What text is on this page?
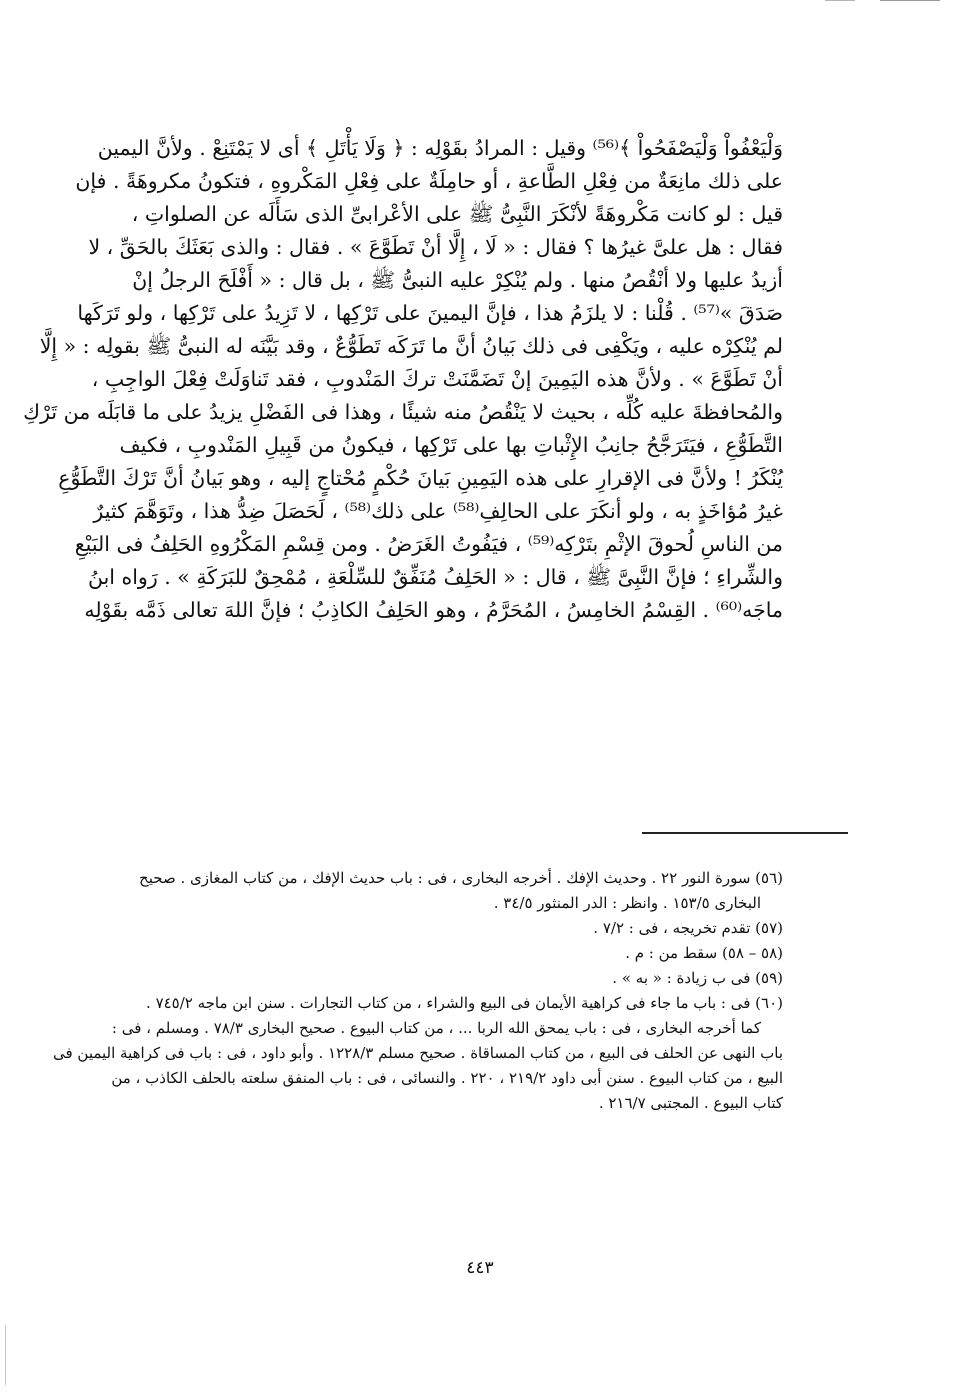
وَلْيَعْفُواْ وَلْيَصْفَحُواْ ﴾⁽⁵⁶⁾ وقيل : المرادُ بقَوْلِه : ﴿ وَلَا يَأْتَلِ ﴾ أى لا يَمْتَنِعْ . ولأنَّ اليمين
على ذلك مانِعَةٌ من فِعْلِ الطَّاعةِ ، أو حامِلَةٌ على فِعْلِ المَكْروهِ ، فتكونُ مكروهَةً . فإن
قيل : لو كانت مَكْروهَةً لأنْكَرَ النَّبِىُّ ﷺ على الأعْرابىِّ الذى سَأَلَه عن الصلواتِ ،
فقال : هل علىَّ غيرُها ؟ فقال : « لَا ، إِلَّا أنْ تَطَوَّعَ » . فقال : والذى بَعَثَكَ بالحَقِّ ، لا
أزيدُ عليها ولا أنْقُصُ منها . ولم يُنْكِرْ عليه النبىُّ ﷺ ، بل قال : « أَفْلَحَ الرجلُ إنْ
صَدَقَ »⁽⁵⁷⁾ . قُلْنا : لا يلزَمُ هذا ، فإنَّ اليمينَ على تَرْكِها ، لا تَزِيدُ على تَرْكِها ، ولو تَرَكَها
لم يُنْكِرْه عليه ، ويَكْفِى فى ذلك بَيانُ أنَّ ما تَرَكَه تَطَوُّعٌ ، وقد بَيَّنَه له النبىُّ ﷺ بقولِه : « إِلَّا
أنْ تَطَوَّعَ » . ولأنَّ هذه اليَمِينَ إنْ تَضَمَّنَتْ تركَ المَنْدوبِ ، فقد تَناوَلَتْ فِعْلَ الواجِبِ ،
والمُحافظةَ عليه كُلِّه ، بحيث لا يَنْقُصُ منه شيئًا ، وهذا فى الفَضْلِ يزيدُ على ما قابَلَه من تَرْكِ
التَّطَوُّعِ ، فيَتَرَجَّحُ جانِبُ الإِثْباتِ بها على تَرْكِها ، فيكونُ من قَبِيلِ المَنْدوبِ ، فكيف
يُنْكَرُ ! ولأنَّ فى الإقرارِ على هذه اليَمِينِ بَيانَ حُكْمٍ مُحْتاجٍ إليه ، وهو بَيانُ أنَّ تَرْكَ التَّطَوُّعِ
غيرُ مُؤاخَذٍ به ، ولو أنكَرَ على الحالِفِ⁽⁵⁸⁾ على ذلك⁽⁵⁸⁾ ، لَحَصَلَ ضِدُّ هذا ، وتَوَهَّمَ كثيرٌ
من الناسِ لُحوقَ الإثْمِ بتَرْكِه⁽⁵⁹⁾ ، فيَفُوتُ الغَرَضُ . ومن قِسْمِ المَكْرُوهِ الحَلِفُ فى البَيْعِ
والشِّراءِ ؛ فإنَّ النَّبِىَّ ﷺ ، قال : « الحَلِفُ مُنَفِّقٌ للسِّلْعَةِ ، مُمْحِقٌ للبَرَكَةِ » . رَواه ابنُ
ماجَه⁽⁶⁰⁾ . القِسْمُ الخامِسُ ، المُحَرَّمُ ، وهو الحَلِفُ الكاذِبُ ؛ فإنَّ اللهَ تعالى ذَمَّه بقَوْلِه
(٥٦) سورة النور ٢٢ . وحديث الإفك . أخرجه البخارى ، فى : باب حديث الإفك ، من كتاب المغازى . صحيح
البخارى ١٥٣/٥ . وانظر : الدر المنثور ٣٤/٥ .
(٥٧) تقدم تخريجه ، فى : ٧/٢ .
(٥٨ – ٥٨) سقط من : م .
(٥٩) فى ب زيادة : « به » .
(٦٠) فى : باب ما جاء فى كراهية الأيمان فى البيع والشراء ، من كتاب التجارات . سنن ابن ماجه ٧٤٥/٢ .
كما أخرجه البخارى ، فى : باب يمحق الله الربا ... ، من كتاب البيوع . صحيح البخارى ٧٨/٣ . ومسلم ، فى :
باب النهى عن الحلف فى البيع ، من كتاب المساقاة . صحيح مسلم ١٢٢٨/٣ . وأبو داود ، فى : باب فى كراهية اليمين فى
البيع ، من كتاب البيوع . سنن أبى داود ٢١٩/٢ ، ٢٢٠ . والنسائى ، فى : باب المنفق سلعته بالحلف الكاذب ، من
كتاب البيوع . المجتبى ٢١٦/٧ .
٤٤٣
